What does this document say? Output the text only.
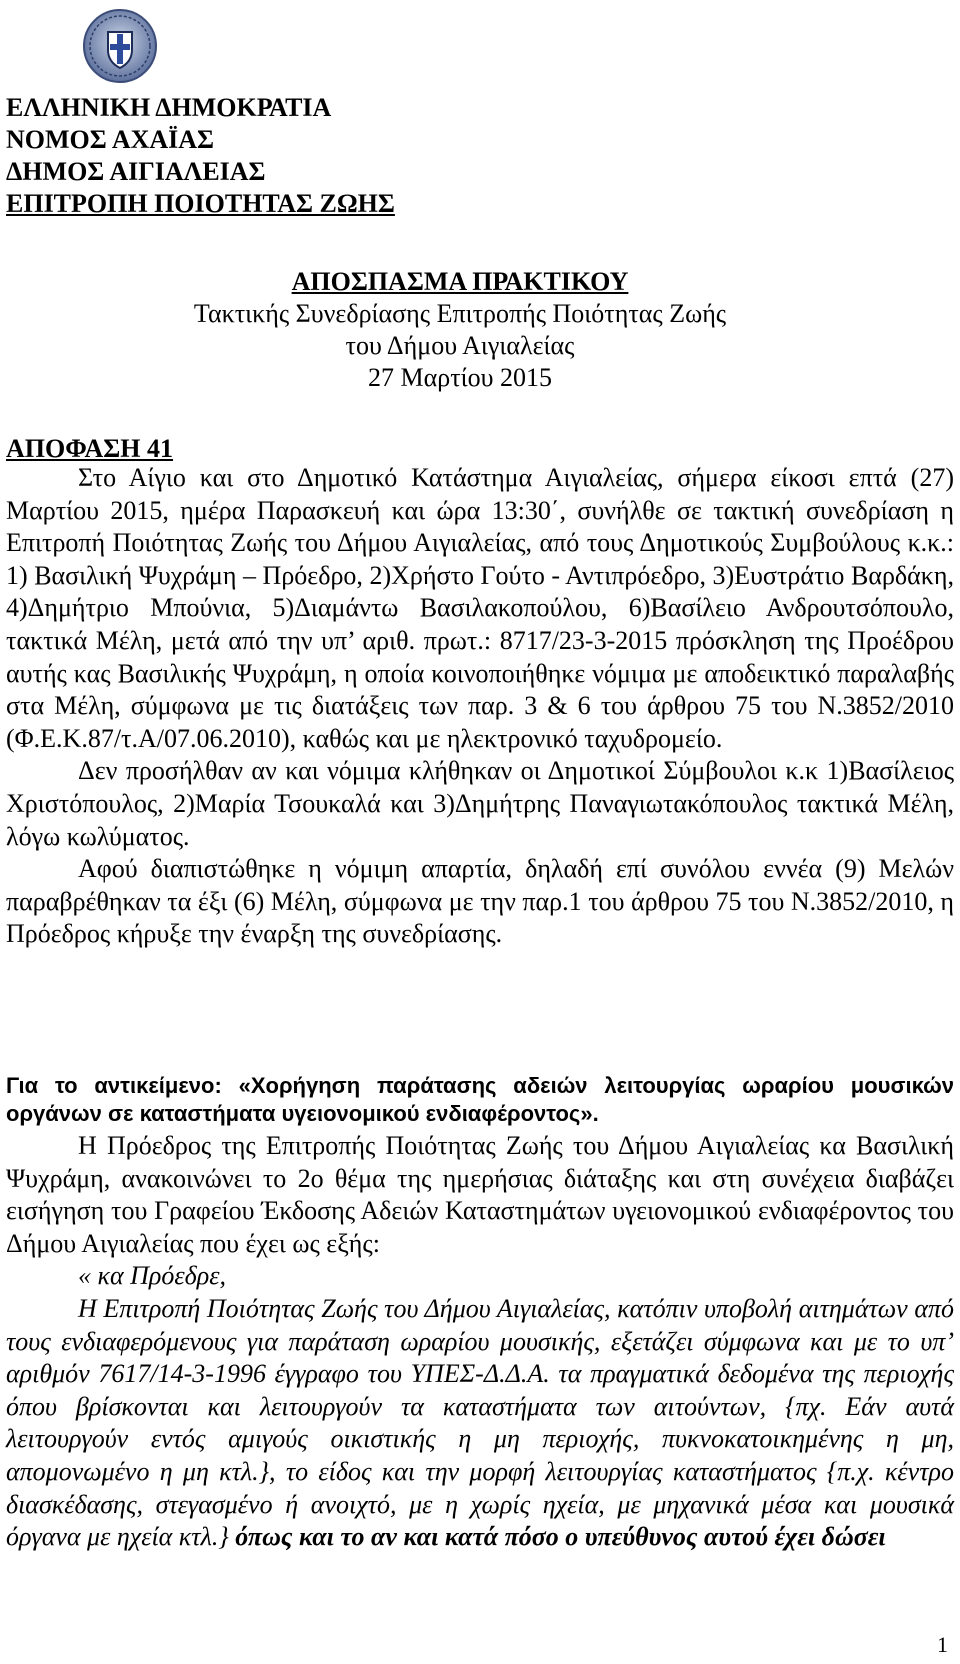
ΕΛΛΗΝΙΚΗ ΔΗΜΟΚΡΑΤΙΑ
ΝΟΜΟΣ ΑΧΑΪΑΣ
ΔΗΜΟΣ ΑΙΓΙΑΛΕΙΑΣ
ΕΠΙΤΡΟΠΗ ΠΟΙΟΤΗΤΑΣ ΖΩΗΣ
ΑΠΟΣΠΑΣΜΑ ΠΡΑΚΤΙΚΟΥ
Τακτικής Συνεδρίασης Επιτροπής Ποιότητας Ζωής
του Δήμου Αιγιαλείας
27 Μαρτίου 2015
ΑΠΟΦΑΣΗ 41

Στο Αίγιο και στο Δημοτικό Κατάστημα Αιγιαλείας, σήμερα είκοσι επτά (27) Μαρτίου 2015, ημέρα Παρασκευή και ώρα 13:30΄, συνήλθε σε τακτική συνεδρίαση η Επιτροπή Ποιότητας Ζωής του Δήμου Αιγιαλείας, από τους Δημοτικούς Συμβούλους κ.κ.: 1) Βασιλική Ψυχράμη – Πρόεδρο, 2)Χρήστο Γούτο - Αντιπρόεδρο, 3)Ευστράτιο Βαρδάκη, 4)Δημήτριο Μπούνια, 5)Διαμάντω Βασιλακοπούλου, 6)Βασίλειο Ανδρουτσόπουλο, τακτικά Μέλη, μετά από την υπ’ αριθ. πρωτ.: 8717/23-3-2015 πρόσκληση της Προέδρου αυτής κας Βασιλικής Ψυχράμη, η οποία κοινοποιήθηκε νόμιμα με αποδεικτικό παραλαβής στα Μέλη, σύμφωνα με τις διατάξεις των παρ. 3 & 6 του άρθρου 75 του Ν.3852/2010 (Φ.Ε.Κ.87/τ.Α/07.06.2010), καθώς και με ηλεκτρονικό ταχυδρομείο.

Δεν προσήλθαν αν και νόμιμα κλήθηκαν οι Δημοτικοί Σύμβουλοι κ.κ 1)Βασίλειος Χριστόπουλος, 2)Μαρία Τσουκαλά και 3)Δημήτρης Παναγιωτακόπουλος τακτικά Μέλη, λόγω κωλύματος.

Αφού διαπιστώθηκε η νόμιμη απαρτία, δηλαδή επί συνόλου εννέα (9) Μελών παραβρέθηκαν τα έξι (6) Μέλη, σύμφωνα με την παρ.1 του άρθρου 75 του Ν.3852/2010, η Πρόεδρος κήρυξε την έναρξη της συνεδρίασης.

Για το αντικείμενο: «Χορήγηση παράτασης αδειών λειτουργίας ωραρίου μουσικών οργάνων σε καταστήματα υγειονομικού ενδιαφέροντος».

Η Πρόεδρος της Επιτροπής Ποιότητας Ζωής του Δήμου Αιγιαλείας κα Βασιλική Ψυχράμη, ανακοινώνει το 2ο θέμα της ημερήσιας διάταξης και στη συνέχεια διαβάζει εισήγηση του Γραφείου Έκδοσης Αδειών Καταστημάτων υγειονομικού ενδιαφέροντος του Δήμου Αιγιαλείας που έχει ως εξής:

« κα Πρόεδρε,

Η Επιτροπή Ποιότητας Ζωής του Δήμου Αιγιαλείας, κατόπιν υποβολή αιτημάτων από τους ενδιαφερόμενους για παράταση ωραρίου μουσικής, εξετάζει σύμφωνα και με το υπ’ αριθμόν 7617/14-3-1996 έγγραφο του ΥΠΕΣ-Δ.Δ.Α. τα πραγματικά δεδομένα της περιοχής όπου βρίσκονται και λειτουργούν τα καταστήματα των αιτούντων, {πχ. Εάν αυτά λειτουργούν εντός αμιγούς οικιστικής η μη περιοχής, πυκνοκατοικημένης η μη, απομονωμένο η μη κτλ.}, το είδος και την μορφή λειτουργίας καταστήματος {π.χ. κέντρο διασκέδασης, στεγασμένο ή ανοιχτό, με η χωρίς ηχεία, με μηχανικά μέσα και μουσικά όργανα με ηχεία κτλ.} όπως και το αν και κατά πόσο ο υπεύθυνος αυτού έχει δώσει

1
